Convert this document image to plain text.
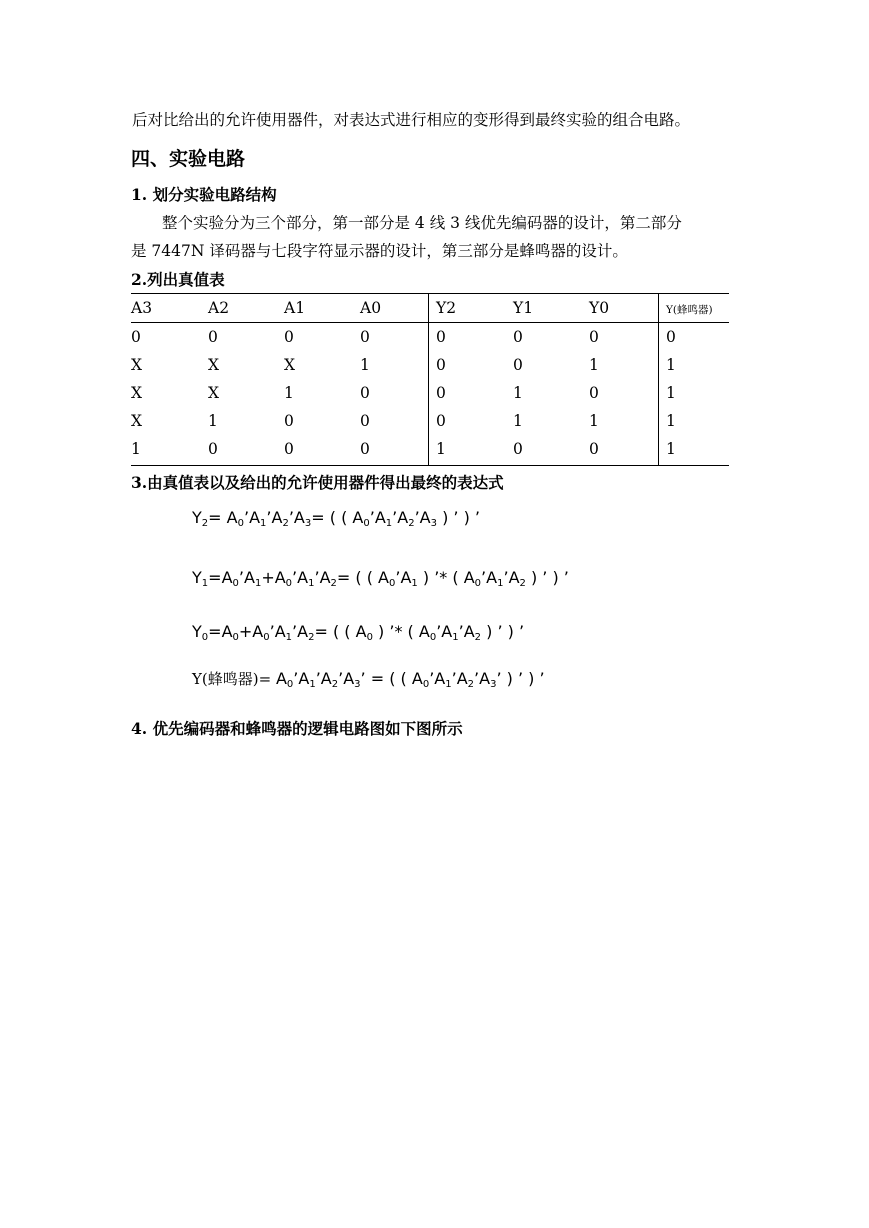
后对比给出的允许使用器件，对表达式进行相应的变形得到最终实验的组合电路。
四、实验电路
1. 划分实验电路结构
整个实验分为三个部分，第一部分是 4 线 3 线优先编码器的设计，第二部分
是 7447N 译码器与七段字符显示器的设计，第三部分是蜂鸣器的设计。
2.列出真值表
A3	A2	A1	A0	Y2	Y1	Y0	Y(蜂鸣器)
0	0	0	0	0	0	0	0
X	X	X	1	0	0	1	1
X	X	1	0	0	1	0	1
X	1	0	0	0	1	1	1
1	0	0	0	1	0	0	1
3.由真值表以及给出的允许使用器件得出最终的表达式
$Y_2=$ $A_0’A_1’A_2’A_3=$ ( ( $A_0’A_1’A_2’A_3$ ) ’ ) ’
$Y_1=A_0’A_1+A_0’A_1’A_2=$ ( ( $A_0’A_1$ ) ’* ( $A_0’A_1’A_2$ ) ’ ) ’
$Y_0=A_0+A_0’A_1’A_2=$ ( ( $A_0$ ) ’* ( $A_0’A_1’A_2$ ) ’ ) ’
Y(蜂鸣器)= $A_0’A_1’A_2’A_3$’ = ( ( $A_0’A_1’A_2’A_3$’ ) ’ ) ’
4. 优先编码器和蜂鸣器的逻辑电路图如下图所示
